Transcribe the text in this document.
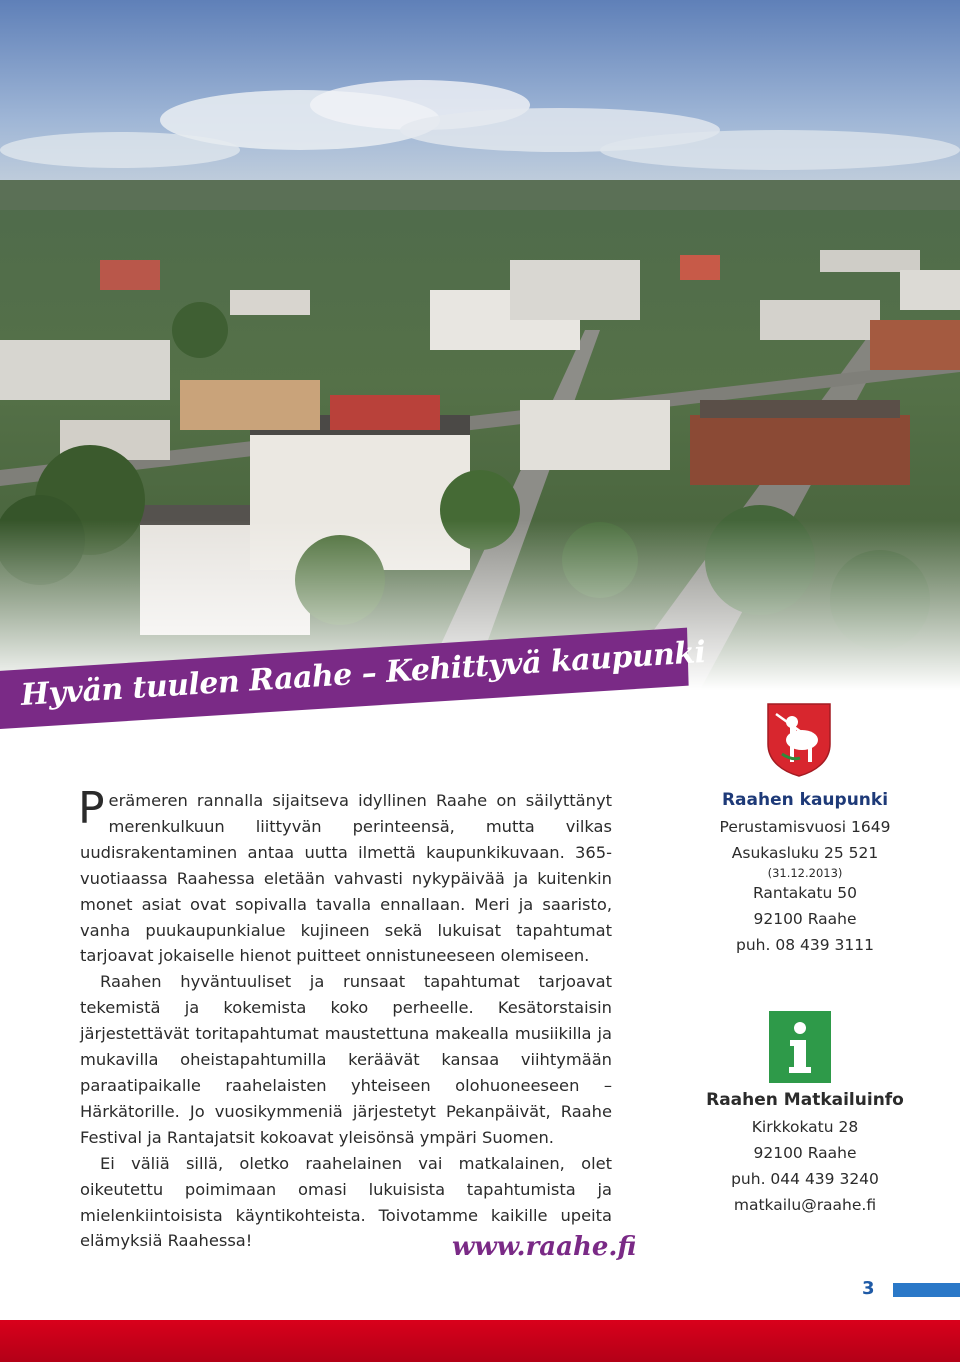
Hyvän tuulen Raahe – Kehittyvä kaupunki

Perämeren rannalla sijaitseva idyllinen Raahe on säilyttänyt merenkulkuun liittyvän perinteensä, mutta vilkas uudisrakentaminen antaa uutta ilmettä kaupunkikuvaan. 365-vuotiaassa Raahessa eletään vahvasti nykypäivää ja kuitenkin monet asiat ovat sopivalla tavalla ennallaan. Meri ja saaristo, vanha puukaupunkialue kujineen sekä lukuisat tapahtumat tarjoavat jokaiselle hienot puitteet onnistuneeseen olemiseen.

Raahen hyväntuuliset ja runsaat tapahtumat tarjoavat tekemistä ja kokemista koko perheelle. Kesätorstaisin järjestettävät toritapahtumat maustettuna makealla musiikilla ja mukavilla oheistapahtumilla keräävät kansaa viihtymään paraatipaikalle raahelaisten yhteiseen olohuoneeseen – Härkätorille. Jo vuosikymmeniä järjestetyt Pekanpäivät, Raahe Festival ja Rantajatsit kokoavat yleisönsä ympäri Suomen.

Ei väliä sillä, oletko raahelainen vai matkalainen, olet oikeutettu poimimaan omasi lukuisista tapahtumista ja mielenkiintoisista käyntikohteista. Toivotamme kaikille upeita elämyksiä Raahessa!

Raahen kaupunki
Perustamisvuosi 1649
Asukasluku 25 521
(31.12.2013)
Rantakatu 50
92100 Raahe
puh. 08 439 3111
Raahen Matkailuinfo
Kirkkokatu 28
92100 Raahe
puh. 044 439 3240
matkailu@raahe.fi
www.raahe.fi
3
